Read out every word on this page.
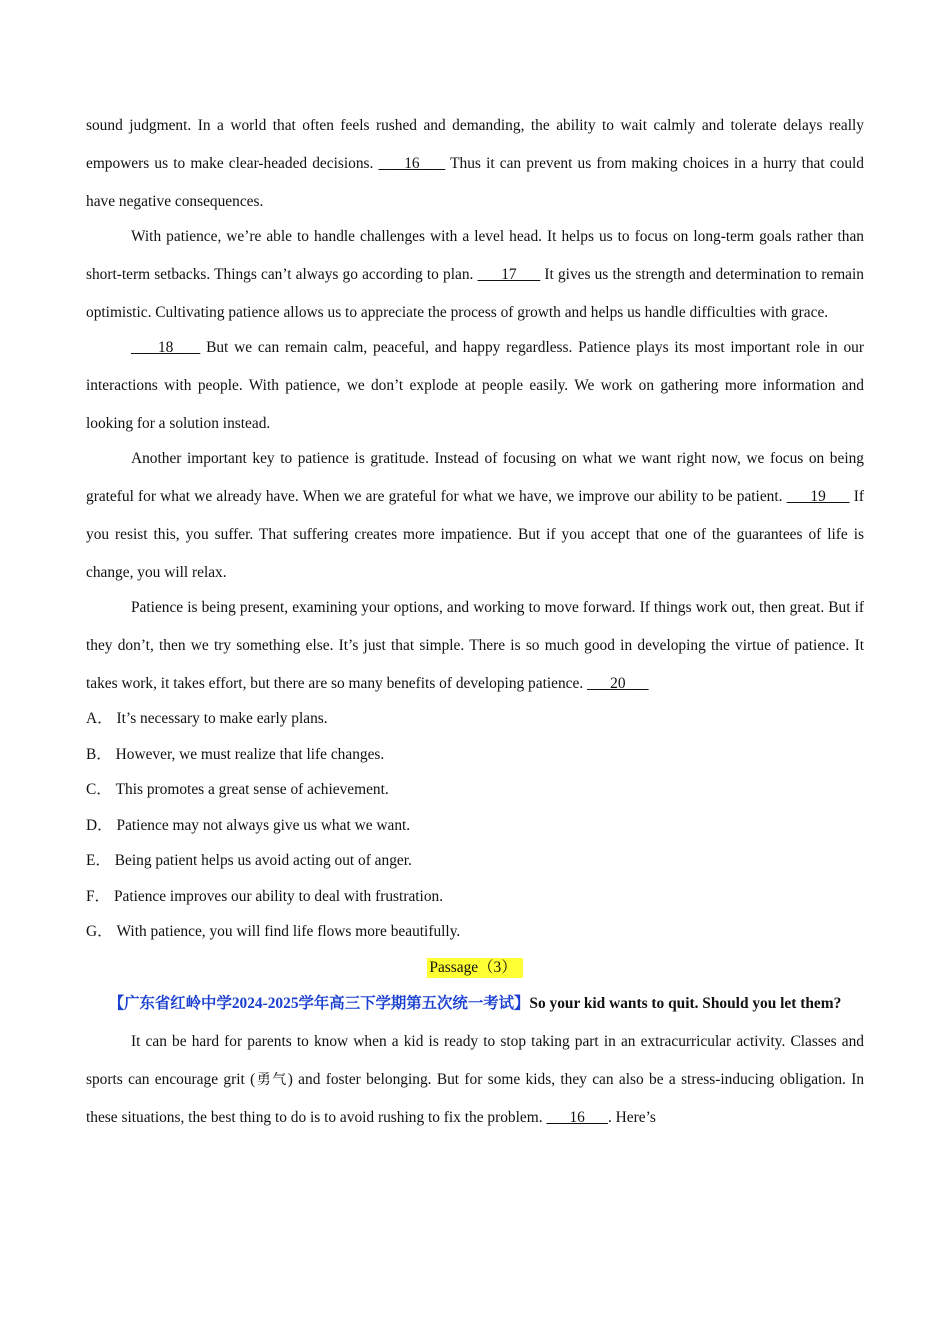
sound judgment. In a world that often feels rushed and demanding, the ability to wait calmly and tolerate delays really empowers us to make clear-headed decisions.   __16__   Thus it can prevent us from making choices in a hurry that could have negative consequences.

With patience, we’re able to handle challenges with a level head. It helps us to focus on long-term goals rather than short-term setbacks. Things can’t always go according to plan.   __17__   It gives us the strength and determination to remain optimistic. Cultivating patience allows us to appreciate the process of growth and helps us handle difficulties with grace.

__18__   But we can remain calm, peaceful, and happy regardless. Patience plays its most important role in our interactions with people. With patience, we don’t explode at people easily. We work on gathering more information and looking for a solution instead.

Another important key to patience is gratitude. Instead of focusing on what we want right now, we focus on being grateful for what we already have. When we are grateful for what we have, we improve our ability to be patient.   __19__   If you resist this, you suffer. That suffering creates more impatience. But if you accept that one of the guarantees of life is change, you will relax.

Patience is being present, examining your options, and working to move forward. If things work out, then great. But if they don’t, then we try something else. It’s just that simple. There is so much good in developing the virtue of patience. It takes work, it takes effort, but there are so many benefits of developing patience.   __20__

A． It’s necessary to make early plans.

B． However, we must realize that life changes.

C． This promotes a great sense of achievement.

D． Patience may not always give us what we want.

E． Being patient helps us avoid acting out of anger.

F． Patience improves our ability to deal with frustration.

G． With patience, you will find life flows more beautifully.

Passage（3）

【广东省红岭中学2024-2025学年高三下学期第五次统一考试】So your kid wants to quit. Should you let them?

It can be hard for parents to know when a kid is ready to stop taking part in an extracurricular activity. Classes and sports can encourage grit (勇气) and foster belonging. But for some kids, they can also be a stress-inducing obligation. In these situations, the best thing to do is to avoid rushing to fix the problem.   __16__ . Here’s
